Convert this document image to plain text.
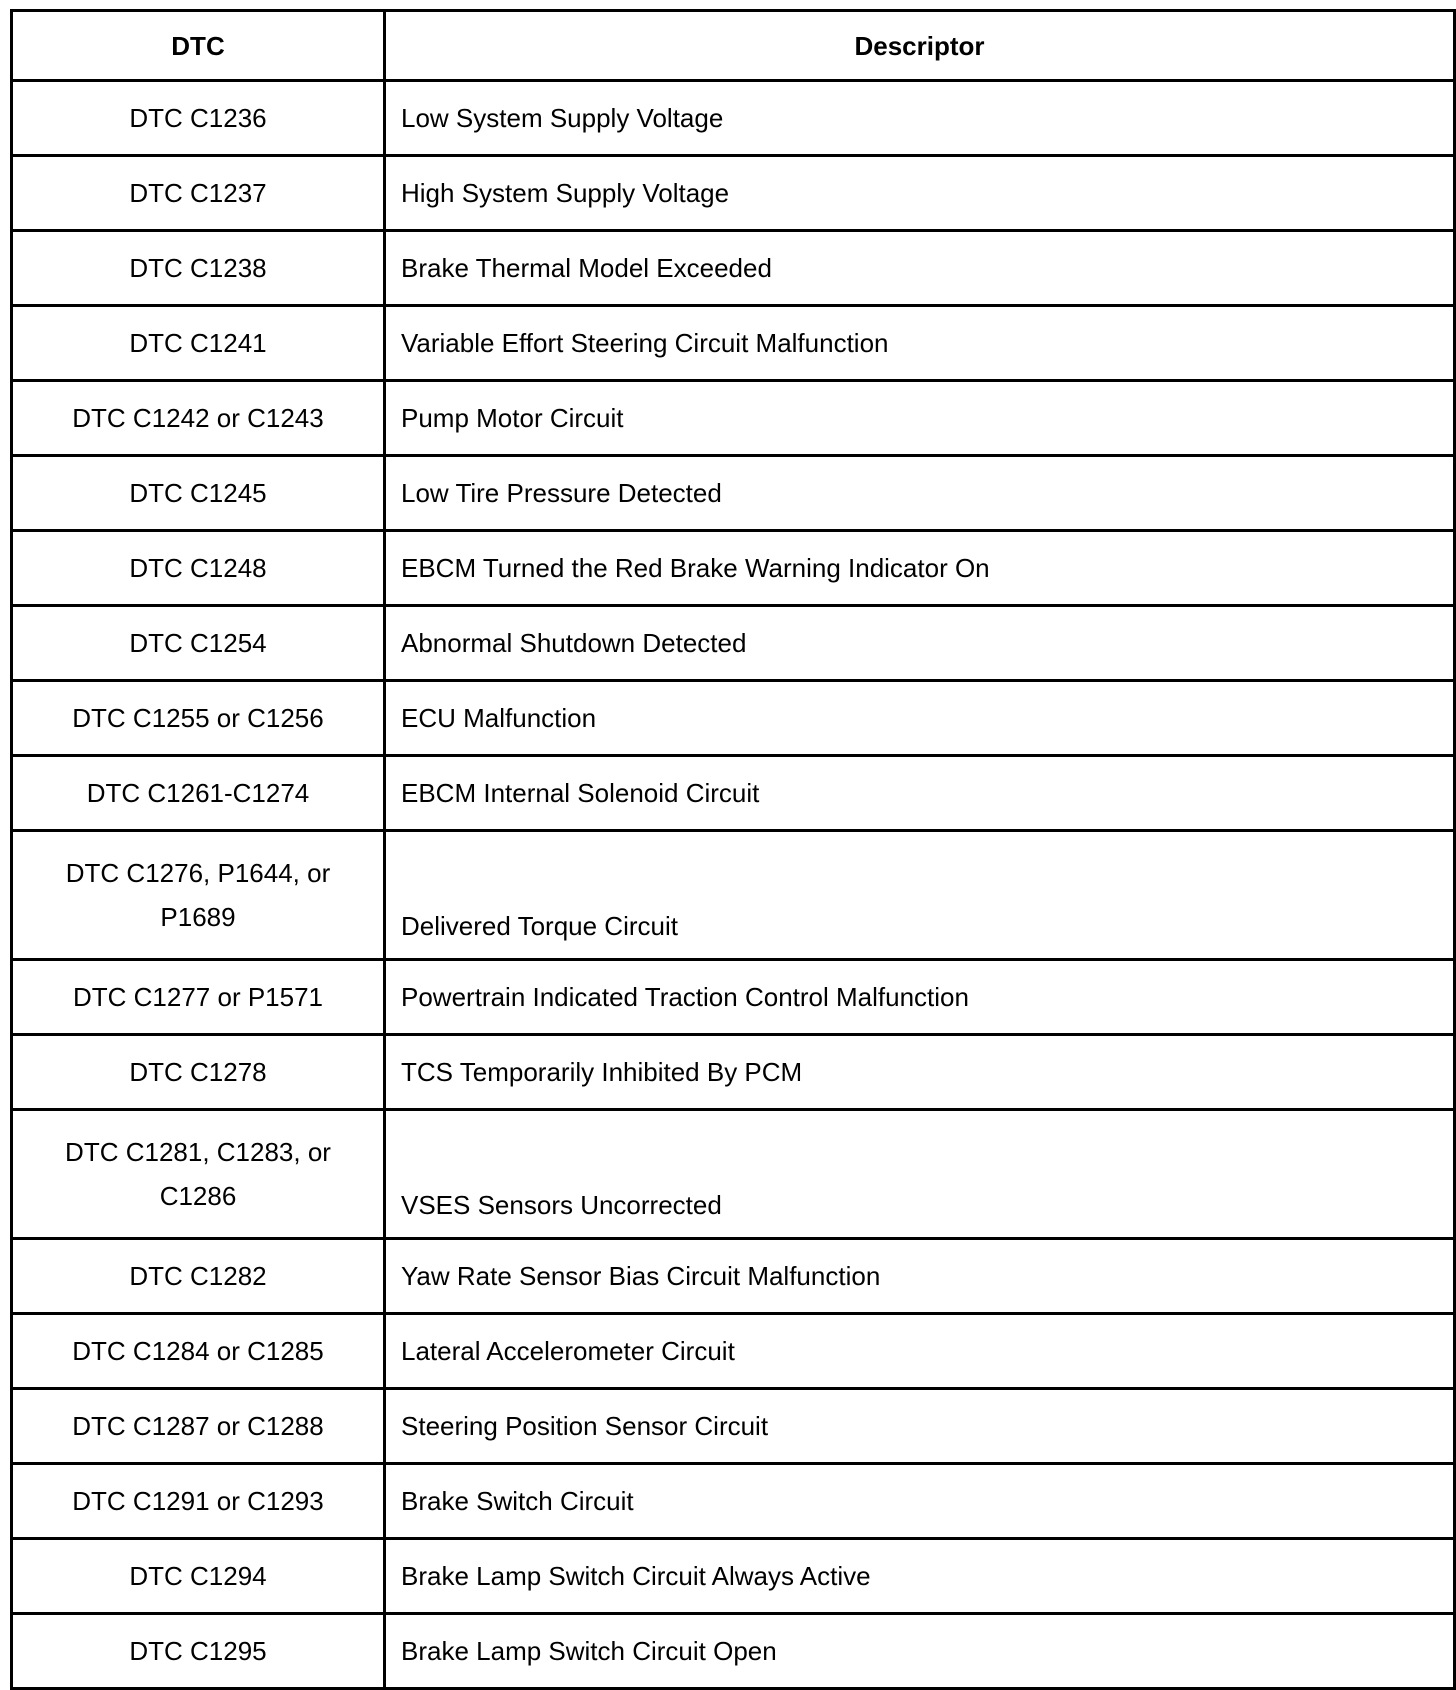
DTC	Descriptor
DTC C1236	Low System Supply Voltage
DTC C1237	High System Supply Voltage
DTC C1238	Brake Thermal Model Exceeded
DTC C1241	Variable Effort Steering Circuit Malfunction
DTC C1242 or C1243	Pump Motor Circuit
DTC C1245	Low Tire Pressure Detected
DTC C1248	EBCM Turned the Red Brake Warning Indicator On
DTC C1254	Abnormal Shutdown Detected
DTC C1255 or C1256	ECU Malfunction
DTC C1261-C1274	EBCM Internal Solenoid Circuit
DTC C1276, P1644, or P1689	Delivered Torque Circuit
DTC C1277 or P1571	Powertrain Indicated Traction Control Malfunction
DTC C1278	TCS Temporarily Inhibited By PCM
DTC C1281, C1283, or C1286	VSES Sensors Uncorrected
DTC C1282	Yaw Rate Sensor Bias Circuit Malfunction
DTC C1284 or C1285	Lateral Accelerometer Circuit
DTC C1287 or C1288	Steering Position Sensor Circuit
DTC C1291 or C1293	Brake Switch Circuit
DTC C1294	Brake Lamp Switch Circuit Always Active
DTC C1295	Brake Lamp Switch Circuit Open
